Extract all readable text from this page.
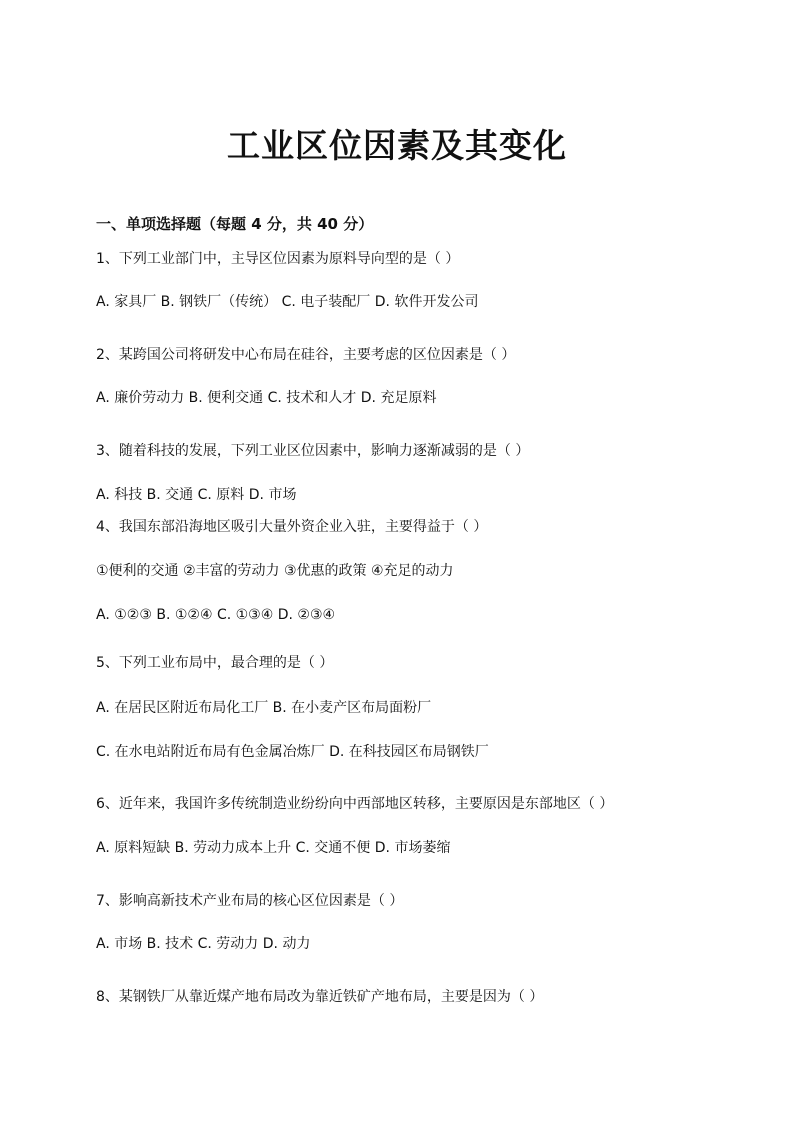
工业区位因素及其变化
一、单项选择题（每题 4 分，共 40 分）
1、下列工业部门中，主导区位因素为原料导向型的是（ ）
A. 家具厂 B. 钢铁厂（传统） C. 电子装配厂 D. 软件开发公司
2、某跨国公司将研发中心布局在硅谷，主要考虑的区位因素是（ ）
A. 廉价劳动力 B. 便利交通 C. 技术和人才 D. 充足原料
3、随着科技的发展，下列工业区位因素中，影响力逐渐减弱的是（ ）
A. 科技 B. 交通 C. 原料 D. 市场
4、我国东部沿海地区吸引大量外资企业入驻，主要得益于（ ）
①便利的交通 ②丰富的劳动力 ③优惠的政策 ④充足的动力
A. ①②③ B. ①②④ C. ①③④ D. ②③④
5、下列工业布局中，最合理的是（ ）
A. 在居民区附近布局化工厂 B. 在小麦产区布局面粉厂
C. 在水电站附近布局有色金属冶炼厂 D. 在科技园区布局钢铁厂
6、近年来，我国许多传统制造业纷纷向中西部地区转移，主要原因是东部地区（ ）
A. 原料短缺 B. 劳动力成本上升 C. 交通不便 D. 市场萎缩
7、影响高新技术产业布局的核心区位因素是（ ）
A. 市场 B. 技术 C. 劳动力 D. 动力
8、某钢铁厂从靠近煤产地布局改为靠近铁矿产地布局，主要是因为（ ）
